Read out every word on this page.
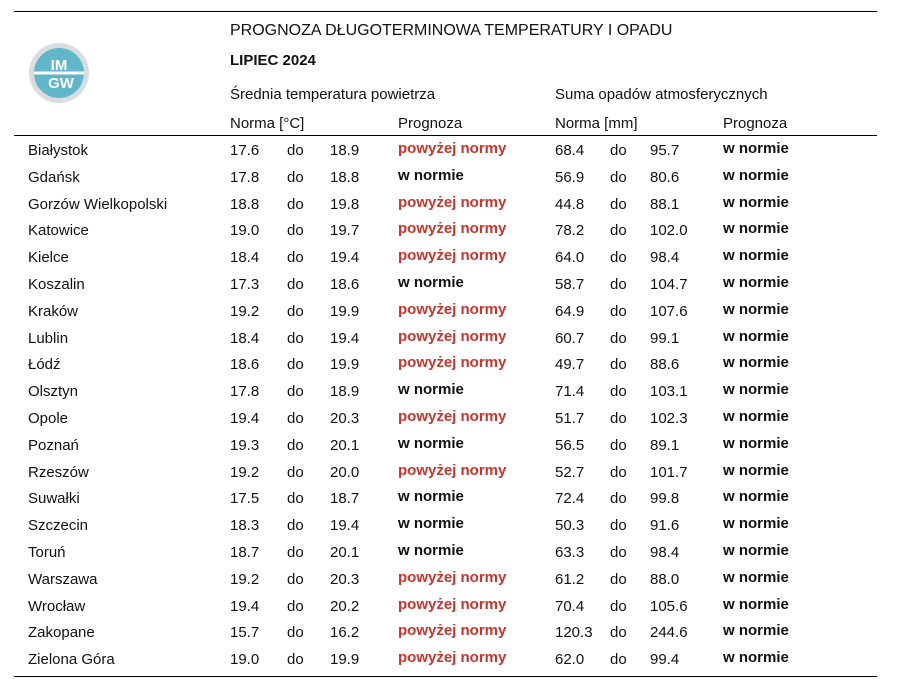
IM
GW
PROGNOZA DŁUGOTERMINOWA TEMPERATURY I OPADU
LIPIEC 2024
Średnia temperatura powietrza	Suma opadów atmosferycznych
Norma [°C]	Prognoza	Norma [mm]	Prognoza
Białystok	17.6 do 18.9	powyżej normy	68.4 do 95.7	w normie
Gdańsk	17.8 do 18.8	w normie	56.9 do 80.6	w normie
Gorzów Wielkopolski	18.8 do 19.8	powyżej normy	44.8 do 88.1	w normie
Katowice	19.0 do 19.7	powyżej normy	78.2 do 102.0 w normie
Kielce	18.4 do 19.4	powyżej normy	64.0 do 98.4	w normie
Koszalin	17.3 do 18.6	w normie	58.7 do 104.7 w normie
Kraków	19.2 do 19.9	powyżej normy	64.9 do 107.6 w normie
Lublin	18.4 do 19.4	powyżej normy	60.7 do 99.1	w normie
Łódź	18.6 do 19.9	powyżej normy	49.7 do 88.6	w normie
Olsztyn	17.8 do 18.9	w normie	71.4 do 103.1 w normie
Opole	19.4 do 20.3	powyżej normy	51.7 do 102.3 w normie
Poznań	19.3 do 20.1	w normie	56.5 do 89.1	w normie
Rzeszów	19.2 do 20.0	powyżej normy	52.7 do 101.7 w normie
Suwałki	17.5 do 18.7	w normie	72.4 do 99.8	w normie
Szczecin	18.3 do 19.4	w normie	50.3 do 91.6	w normie
Toruń	18.7 do 20.1	w normie	63.3 do 98.4	w normie
Warszawa	19.2 do 20.3	powyżej normy	61.2 do 88.0	w normie
Wrocław	19.4 do 20.2	powyżej normy	70.4 do 105.6 w normie
Zakopane	15.7 do 16.2	powyżej normy	120.3 do 244.6 w normie
Zielona Góra	19.0 do 19.9	powyżej normy	62.0 do 99.4	w normie
